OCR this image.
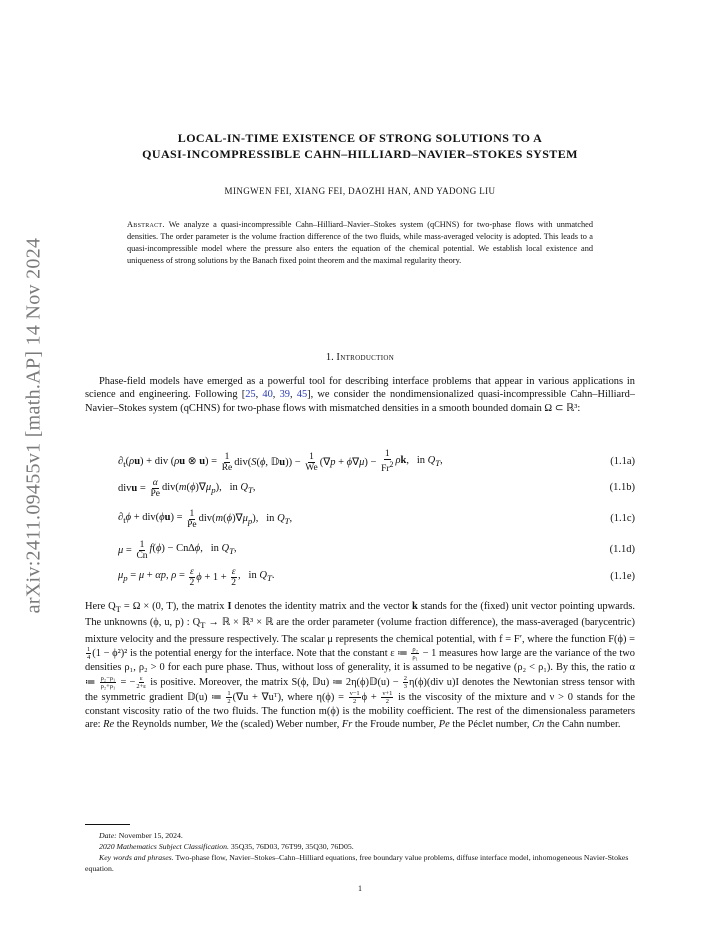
arXiv:2411.09455v1 [math.AP] 14 Nov 2024
LOCAL-IN-TIME EXISTENCE OF STRONG SOLUTIONS TO A
QUASI-INCOMPRESSIBLE CAHN–HILLIARD–NAVIER–STOKES SYSTEM
MINGWEN FEI, XIANG FEI, DAOZHI HAN, AND YADONG LIU
Abstract. We analyze a quasi-incompressible Cahn–Hilliard–Navier–Stokes system (qCHNS) for two-phase flows with unmatched densities. The order parameter is the volume fraction difference of the two fluids, while mass-averaged velocity is adopted. This leads to a quasi-incompressible model where the pressure also enters the equation of the chemical potential. We establish local existence and uniqueness of strong solutions by the Banach fixed point theorem and the maximal regularity theory.
1. Introduction
Phase-field models have emerged as a powerful tool for describing interface problems that appear in various applications in science and engineering. Following [25, 40, 39, 45], we consider the nondimensionalized quasi-incompressible Cahn–Hilliard–Navier–Stokes system (qCHNS) for two-phase flows with mismatched densities in a smooth bounded domain Ω ⊂ ℝ³:
$\partial_t(\rho u)$ + div (ρu ⊗ $u) = \frac{1}{Re} div(S(\phi$, 𝔻u)) − $\frac{1}{We} (\nabla p + \phi\nabla\mu) - \frac{1}{Fr^2} \rho k$,   in $Q_T$,	(1.1a)
divu = $\frac{\alpha}{Pe} div(m(\phi)\nabla\mu_p)$,   in $Q_T$,	(1.1b)
$\partial_t\phi + div(\phi u) = \frac{1}{Pe} div(m(\phi)\nabla\mu_p)$,   in $Q_T$,	(1.1c)
$\mu = \frac{1}{Cn} f(\phi) - Cn\Delta\phi$,   in $Q_T$,	(1.1d)
$\mu_p = \mu + \alpha p$, $\rho = \frac{\varepsilon}{2}$ $\phi + 1 + \frac{\varepsilon}{2}$ ,   in $Q_T$.	(1.1e)
Here $Q_T = \Omega \times (0$, T), the matrix I denotes the identity matrix and the vector k stands for the (fixed) unit vector pointing upwards. The unknowns (ϕ, u, p) : $Q_T$ → ℝ × ℝ³ × ℝ are the order parameter (volume fraction difference), the mass-averaged (barycentric) mixture velocity and the pressure respectively. The scalar μ represents the chemical potential, with f = F′, where the function F(ϕ) =
$\frac{1}{4} (1 - \phi^2)^2$ is the potential energy for the interface. Note that the constant ε ≔ $\frac{\text{ρ₂}}{\text{ρ₁}} - 1$ measures how large are the variance of the two densities ρ₁, ρ₂ > 0 for each pure phase. Thus, without loss of generality, it is assumed to be negative (ρ₂ < ρ₁). By this, the ratio α ≔ $\frac{\text{ρ₂−ρ₁}}{\text{ρ₂+ρ₁}}$ = − $\frac{\varepsilon}{2+\varepsilon}$ is positive. Moreover, the matrix S(ϕ, 𝔻u) ≔ 2η(ϕ)𝔻(u) − $\frac{2}{3} \eta(\phi)(div$ u)I denotes the Newtonian stress tensor with the symmetric gradient 𝔻(u) ≔ $\frac{1}{2} (\nabla u$ + ∇uᵀ), where $\eta(\phi) = \frac{\nu-1}{2}$ $\phi + \frac{\nu+1}{2}$ is the viscosity of the mixture and ν > 0 stands for the constant viscosity ratio of the two fluids. The function m(ϕ) is the mobility coefficient. The rest of the dimensionaless parameters are: Re the Reynolds number, We the (scaled) Weber number, Fr the Froude number, Pe the Péclet number, Cn the Cahn number.
Date: November 15, 2024.
2020 Mathematics Subject Classification. 35Q35, 76D03, 76T99, 35Q30, 76D05.
Key words and phrases. Two-phase flow, Navier–Stokes–Cahn–Hilliard equations, free boundary value problems, diffuse interface model, inhomogeneous Navier-Stokes equation.
1
